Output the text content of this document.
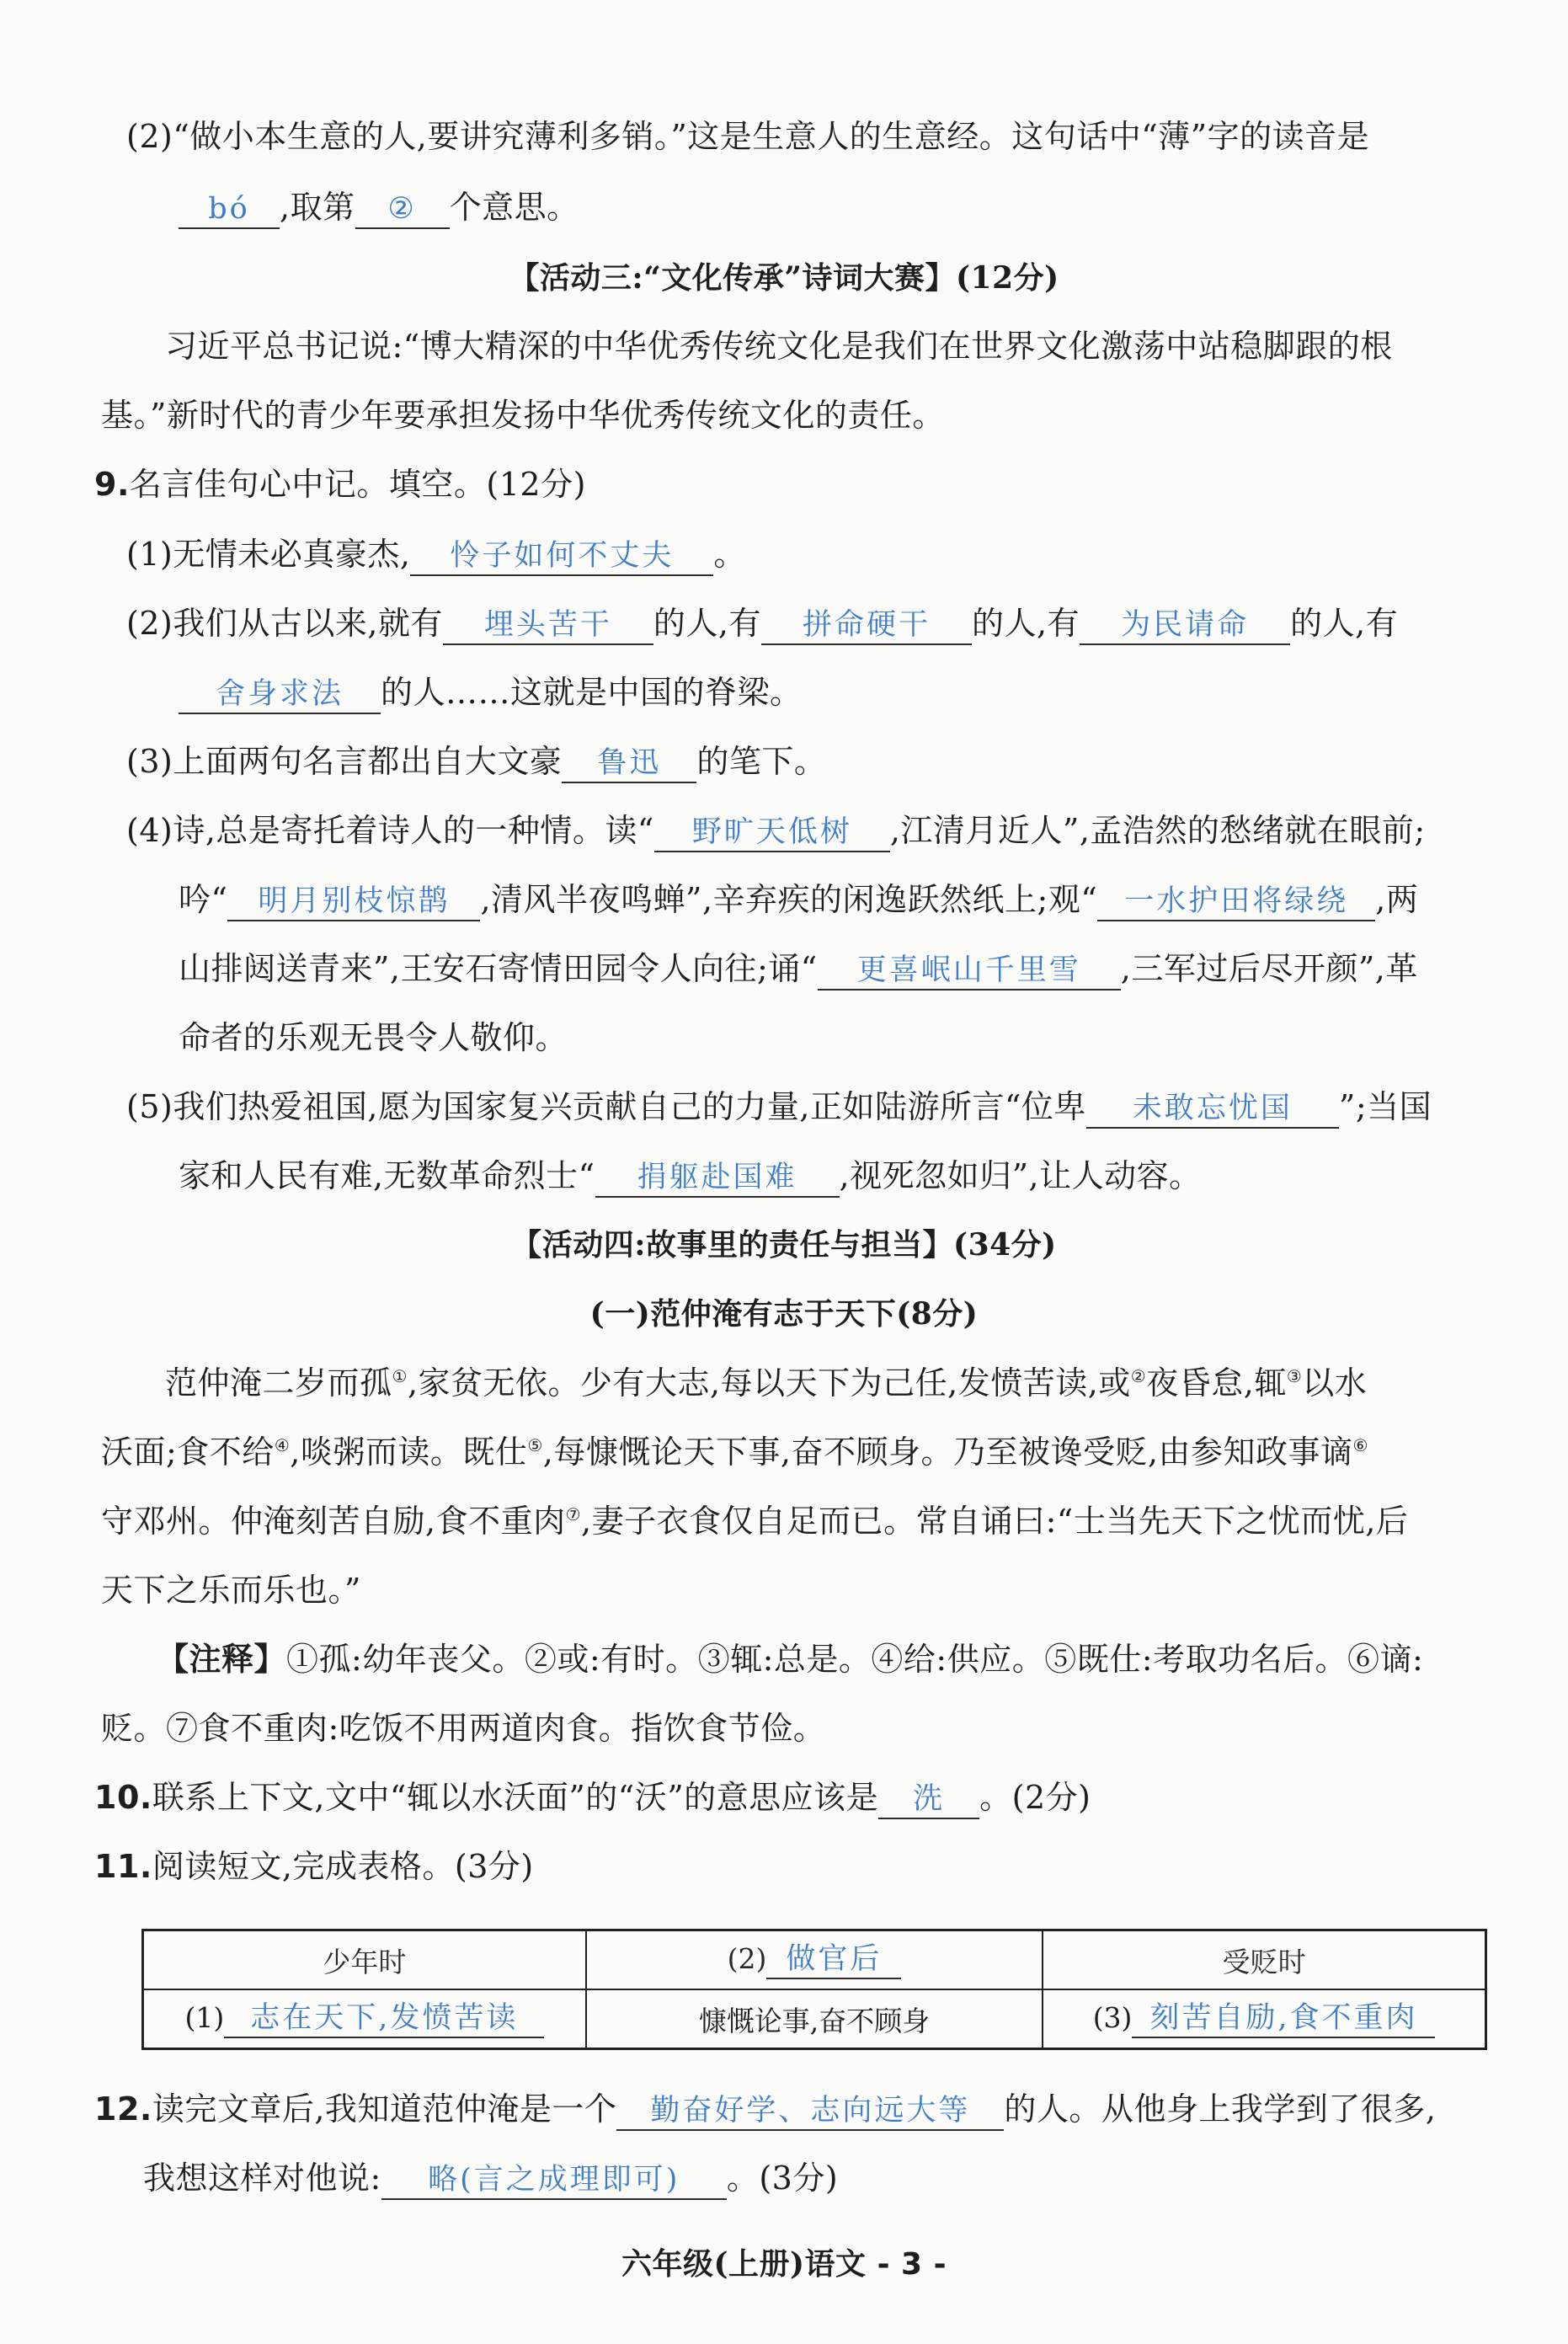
(2)“做小本生意的人,要讲究薄利多销。”这是生意人的生意经。这句话中“薄”字的读音是
bó ,取第 ② 个意思。
【活动三:“文化传承”诗词大赛】(12分)
习近平总书记说:“博大精深的中华优秀传统文化是我们在世界文化激荡中站稳脚跟的根
基。”新时代的青少年要承担发扬中华优秀传统文化的责任。
9.名言佳句心中记。填空。(12分)
(1)无情未必真豪杰, 怜子如何不丈夫 。
(2)我们从古以来,就有 埋头苦干 的人,有 拼命硬干 的人,有 为民请命 的人,有
舍身求法 的人……这就是中国的脊梁。
(3)上面两句名言都出自大文豪 鲁迅 的笔下。
(4)诗,总是寄托着诗人的一种情。读“ 野旷天低树 ,江清月近人”,孟浩然的愁绪就在眼前;
吟“ 明月别枝惊鹊 ,清风半夜鸣蝉”,辛弃疾的闲逸跃然纸上;观“ 一水护田将绿绕 ,两
山排闼送青来”,王安石寄情田园令人向往;诵“ 更喜岷山千里雪 ,三军过后尽开颜”,革
命者的乐观无畏令人敬仰。
(5)我们热爱祖国,愿为国家复兴贡献自己的力量,正如陆游所言“位卑 未敢忘忧国 ”;当国
家和人民有难,无数革命烈士“ 捐躯赴国难 ,视死忽如归”,让人动容。
【活动四:故事里的责任与担当】(34分)
(一)范仲淹有志于天下(8分)
范仲淹二岁而孤①,家贫无依。少有大志,每以天下为己任,发愤苦读,或②夜昏怠,辄③以水
沃面;食不给④,啖粥而读。既仕⑤,每慷慨论天下事,奋不顾身。乃至被谗受贬,由参知政事谪⑥
守邓州。仲淹刻苦自励,食不重肉⑦,妻子衣食仅自足而已。常自诵曰:“士当先天下之忧而忧,后
天下之乐而乐也。”
【注释】①孤:幼年丧父。②或:有时。③辄:总是。④给:供应。⑤既仕:考取功名后。⑥谪:
贬。⑦食不重肉:吃饭不用两道肉食。指饮食节俭。
10.联系上下文,文中“辄以水沃面”的“沃”的意思应该是 洗 。(2分)
11.阅读短文,完成表格。(3分)
少年时	(2) 做官后	受贬时
(1) 志在天下,发愤苦读	慷慨论事,奋不顾身	(3) 刻苦自励,食不重肉
12.读完文章后,我知道范仲淹是一个 勤奋好学、志向远大等 的人。从他身上我学到了很多,
我想这样对他说: 略(言之成理即可) 。(3分)
六年级(上册)语文 - 3 -
